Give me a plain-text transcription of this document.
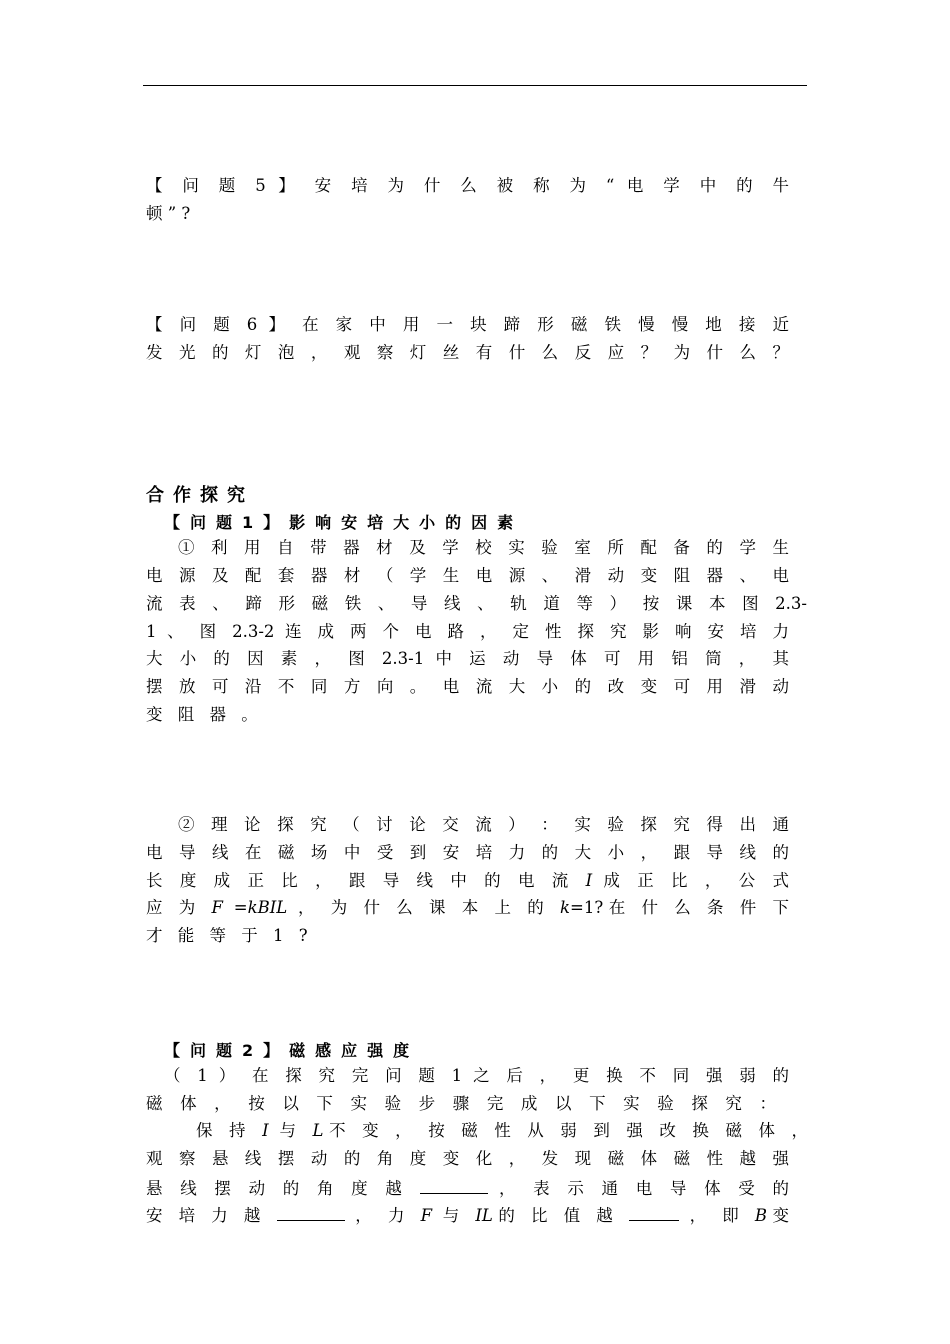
【 问 题 5 】 安 培 为 什 么 被 称 为 “ 电 学 中 的 牛
顿 ” ?
【 问 题 6 】 在 家 中 用 一 块 蹄 形 磁 铁 慢 慢 地 接 近
发 光 的 灯 泡 ， 观 察 灯 丝 有 什 么 反 应 ？ 为 什 么 ？
合作探究
【问题1】影响安培大小的因素
① 利 用 自 带 器 材 及 学 校 实 验 室 所 配 备 的 学 生
电 源 及 配 套 器 材 （ 学 生 电 源 、 滑 动 变 阻 器 、 电
流 表 、 蹄 形 磁 铁 、 导 线 、 轨 道 等 ） 按 课 本 图 2.3-
1 、 图 2.3-2 连 成 两 个 电 路 ， 定 性 探 究 影 响 安 培 力
大 小 的 因 素 ， 图 2.3-1 中 运 动 导 体 可 用 铝 筒 ， 其
摆 放 可 沿 不 同 方 向 。 电 流 大 小 的 改 变 可 用 滑 动
变 阻 器 。
② 理 论 探 究 （ 讨 论 交 流 ） ： 实 验 探 究 得 出 通
电 导 线 在 磁 场 中 受 到 安 培 力 的 大 小 ， 跟 导 线 的
长 度 成 正 比 ， 跟 导 线 中 的 电 流 I 成 正 比 ， 公 式
应 为 F =kBIL ， 为 什 么 课 本 上 的 k=1?在 什 么 条 件 下
才 能 等 于 1 ?
【问题2】磁感应强度
（ 1 ） 在 探 究 完 问 题 1 之 后 ， 更 换 不 同 强 弱 的
磁 体 ， 按 以 下 实 验 步 骤 完 成 以 下 实 验 探 究 ：
保 持 I 与 L不 变 ， 按 磁 性 从 弱 到 强 改 换 磁 体 ，
观 察 悬 线 摆 动 的 角 度 变 化 ， 发 现 磁 体 磁 性 越 强
悬 线 摆 动 的 角 度 越	， 表 示 通 电 导 体 受 的
安 培 力 越	， 力 F 与 IL的 比 值 越	， 即 B变
